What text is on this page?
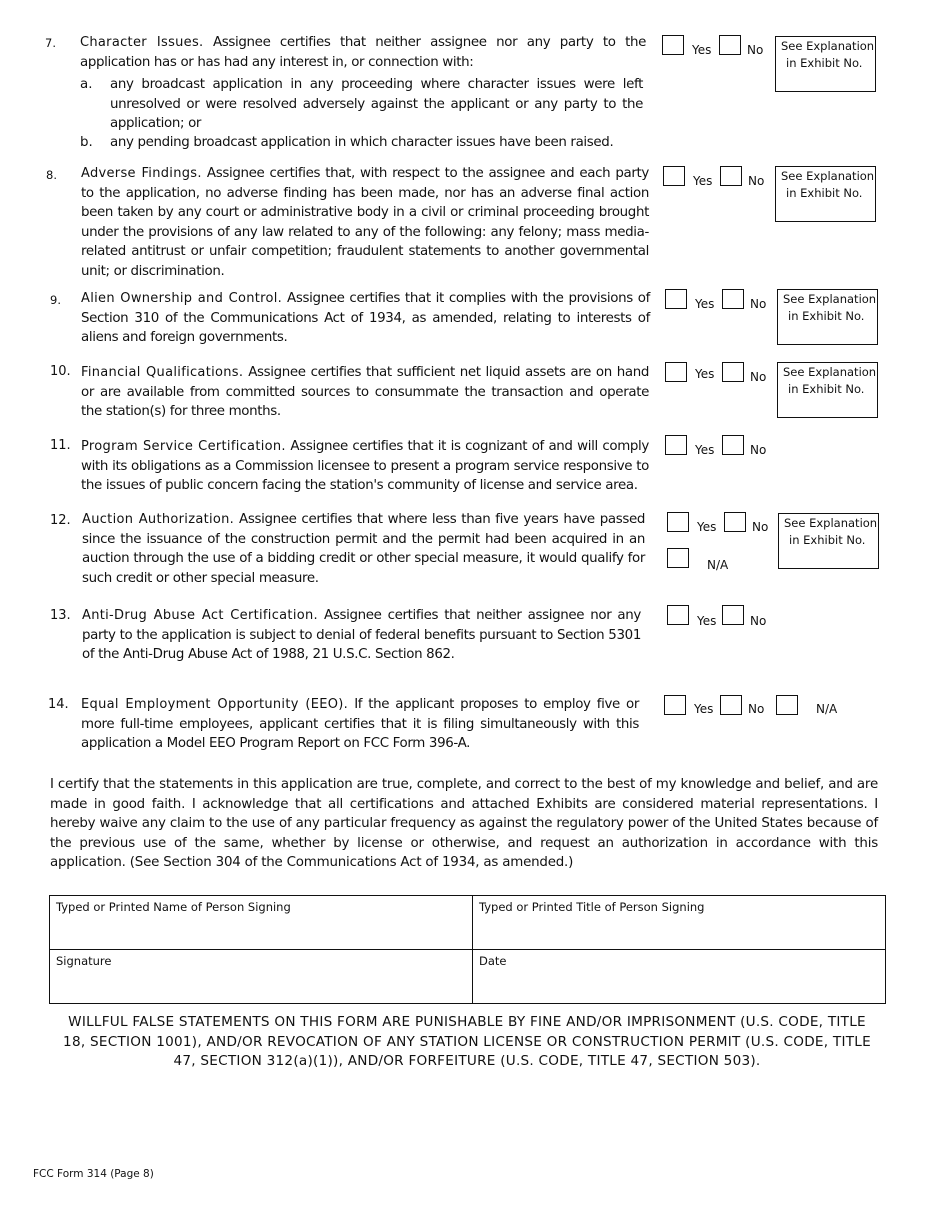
7. Character Issues. Assignee certifies that neither assignee nor any party to the application has or has had any interest in, or connection with:
a. any broadcast application in any proceeding where character issues were left unresolved or were resolved adversely against the applicant or any party to the application; or
b. any pending broadcast application in which character issues have been raised.
Yes	No See Explanation
in Exhibit No.
8. Adverse Findings. Assignee certifies that, with respect to the assignee and each party to the application, no adverse finding has been made, nor has an adverse final action been taken by any court or administrative body in a civil or criminal proceeding brought under the provisions of any law related to any of the following: any felony; mass media-related antitrust or unfair competition; fraudulent statements to another governmental unit; or discrimination.
Yes	No See Explanation
in Exhibit No.
9. Alien Ownership and Control. Assignee certifies that it complies with the provisions of Section 310 of the Communications Act of 1934, as amended, relating to interests of aliens and foreign governments.
Yes	No See Explanation
in Exhibit No.
10. Financial Qualifications. Assignee certifies that sufficient net liquid assets are on hand or are available from committed sources to consummate the transaction and operate the station(s) for three months.
Yes	No See Explanation
in Exhibit No.
11. Program Service Certification. Assignee certifies that it is cognizant of and will comply with its obligations as a Commission licensee to present a program service responsive to the issues of public concern facing the station's community of license and service area.
Yes	No
12. Auction Authorization. Assignee certifies that where less than five years have passed since the issuance of the construction permit and the permit had been acquired in an auction through the use of a bidding credit or other special measure, it would qualify for such credit or other special measure.
Yes	No
N/A
See Explanation
in Exhibit No.
13. Anti-Drug Abuse Act Certification. Assignee certifies that neither assignee nor any party to the application is subject to denial of federal benefits pursuant to Section 5301 of the Anti-Drug Abuse Act of 1988, 21 U.S.C. Section 862.
Yes	No
14. Equal Employment Opportunity (EEO). If the applicant proposes to employ five or more full-time employees, applicant certifies that it is filing simultaneously with this application a Model EEO Program Report on FCC Form 396-A.
Yes	No	N/A
I certify that the statements in this application are true, complete, and correct to the best of my knowledge and belief, and are made in good faith. I acknowledge that all certifications and attached Exhibits are considered material representations. I hereby waive any claim to the use of any particular frequency as against the regulatory power of the United States because of the previous use of the same, whether by license or otherwise, and request an authorization in accordance with this application. (See Section 304 of the Communications Act of 1934, as amended.)
Typed or Printed Name of Person Signing	Typed or Printed Title of Person Signing
Signature	Date
WILLFUL FALSE STATEMENTS ON THIS FORM ARE PUNISHABLE BY FINE AND/OR IMPRISONMENT (U.S. CODE, TITLE 18, SECTION 1001), AND/OR REVOCATION OF ANY STATION LICENSE OR CONSTRUCTION PERMIT (U.S. CODE, TITLE 47, SECTION 312(a)(1)), AND/OR FORFEITURE (U.S. CODE, TITLE 47, SECTION 503).
FCC Form 314 (Page 8)
